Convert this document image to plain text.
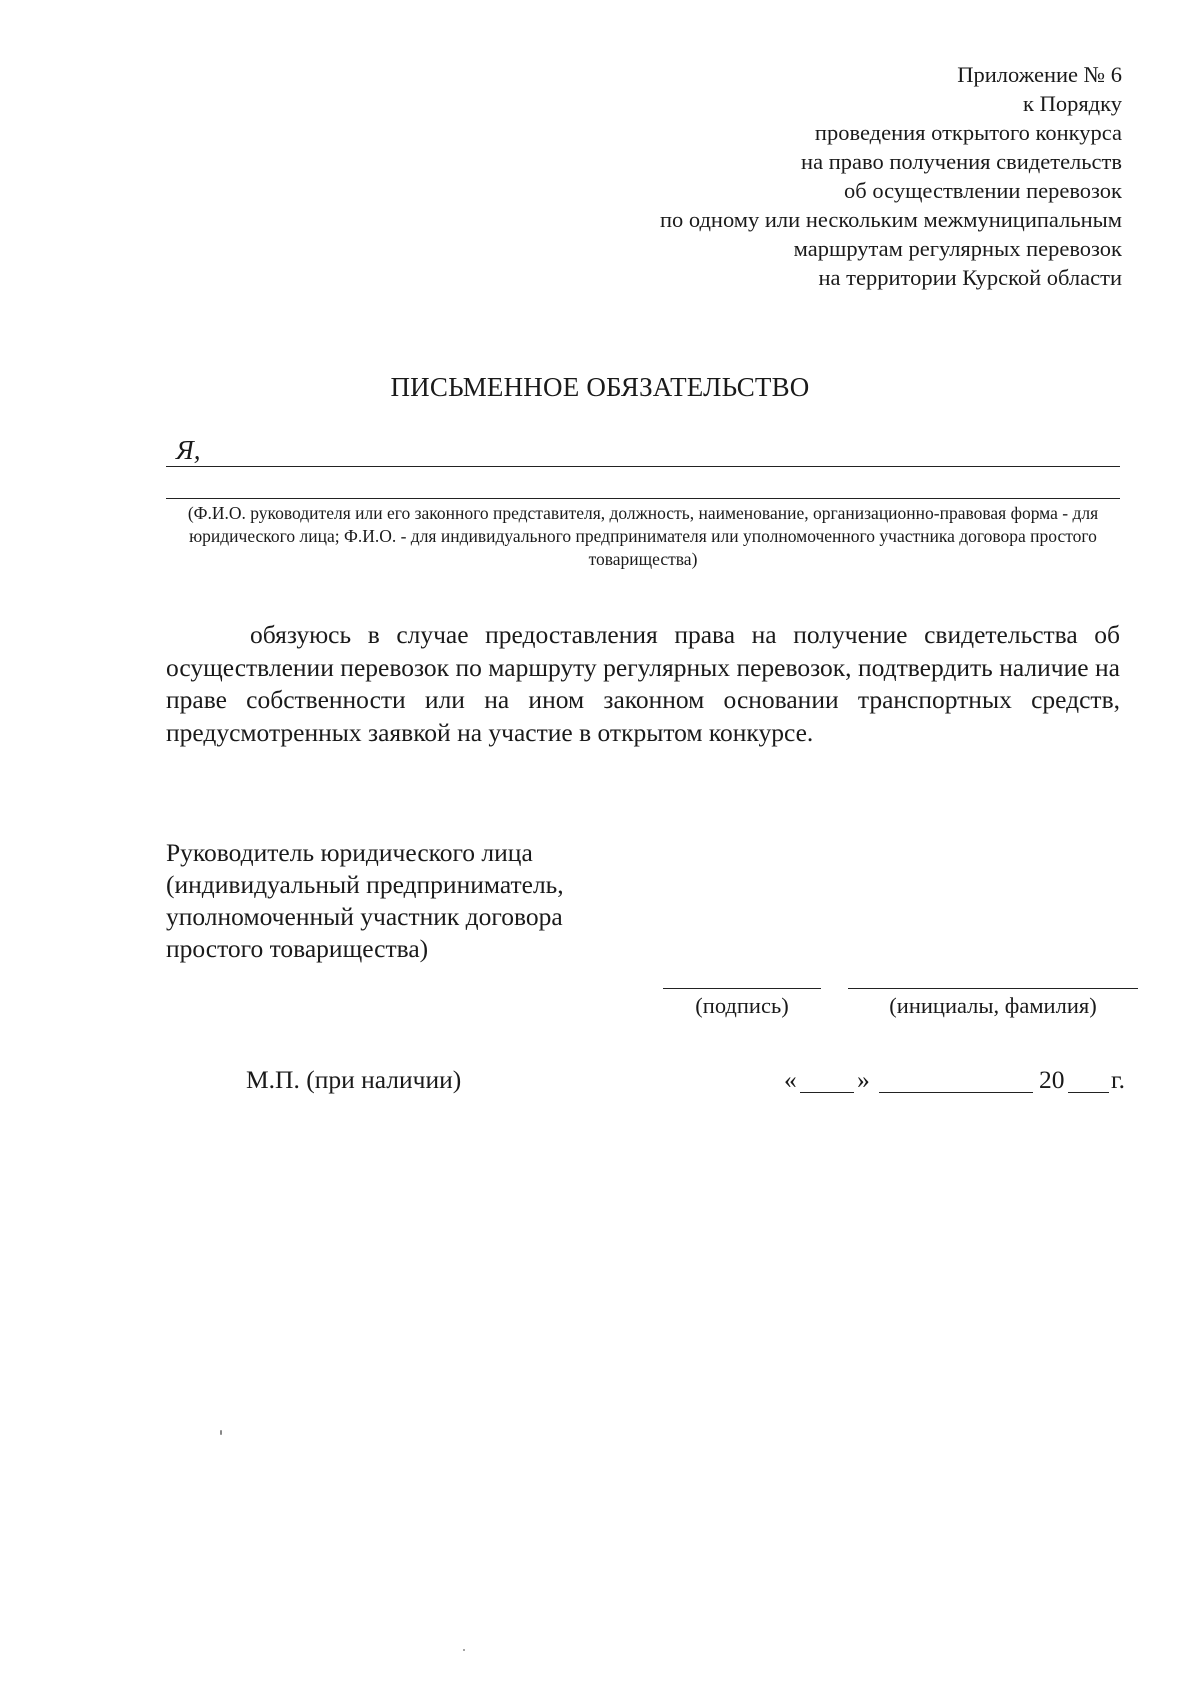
Приложение № 6
к Порядку
проведения открытого конкурса
на право получения свидетельств
об осуществлении перевозок
по одному или нескольким межмуниципальным
маршрутам регулярных перевозок
на территории Курской области
ПИСЬМЕННОЕ ОБЯЗАТЕЛЬСТВО
Я,
(Ф.И.О. руководителя или его законного представителя, должность, наименование, организационно-правовая форма - для юридического лица; Ф.И.О. - для индивидуального предпринимателя или уполномоченного участника договора простого товарищества)
обязуюсь в случае предоставления права на получение свидетельства об осуществлении перевозок по маршруту регулярных перевозок, подтвердить наличие на праве собственности или на ином законном основании транспортных средств, предусмотренных заявкой на участие в открытом конкурсе.
Руководитель юридического лица
(индивидуальный предприниматель,
уполномоченный участник договора
простого товарищества)
(подпись)	(инициалы, фамилия)
М.П. (при наличии)	« »	20 г.
